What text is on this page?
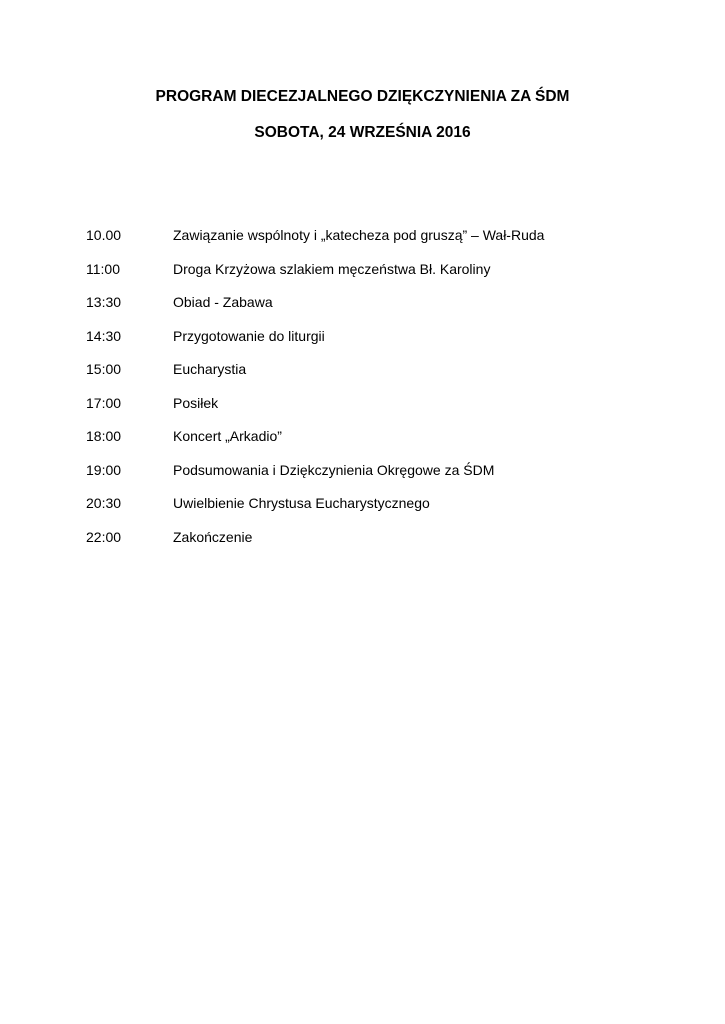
PROGRAM DIECEZJALNEGO DZIĘKCZYNIENIA ZA ŚDM
SOBOTA, 24 WRZEŚNIA 2016
10.00	Zawiązanie wspólnoty i „katecheza pod gruszą” – Wał-Ruda
11:00	Droga Krzyżowa szlakiem męczeństwa Bł. Karoliny
13:30	Obiad - Zabawa
14:30	Przygotowanie do liturgii
15:00	Eucharystia
17:00	Posiłek
18:00	Koncert „Arkadio”
19:00	Podsumowania i Dziękczynienia Okręgowe za ŚDM
20:30	Uwielbienie Chrystusa Eucharystycznego
22:00	Zakończenie
